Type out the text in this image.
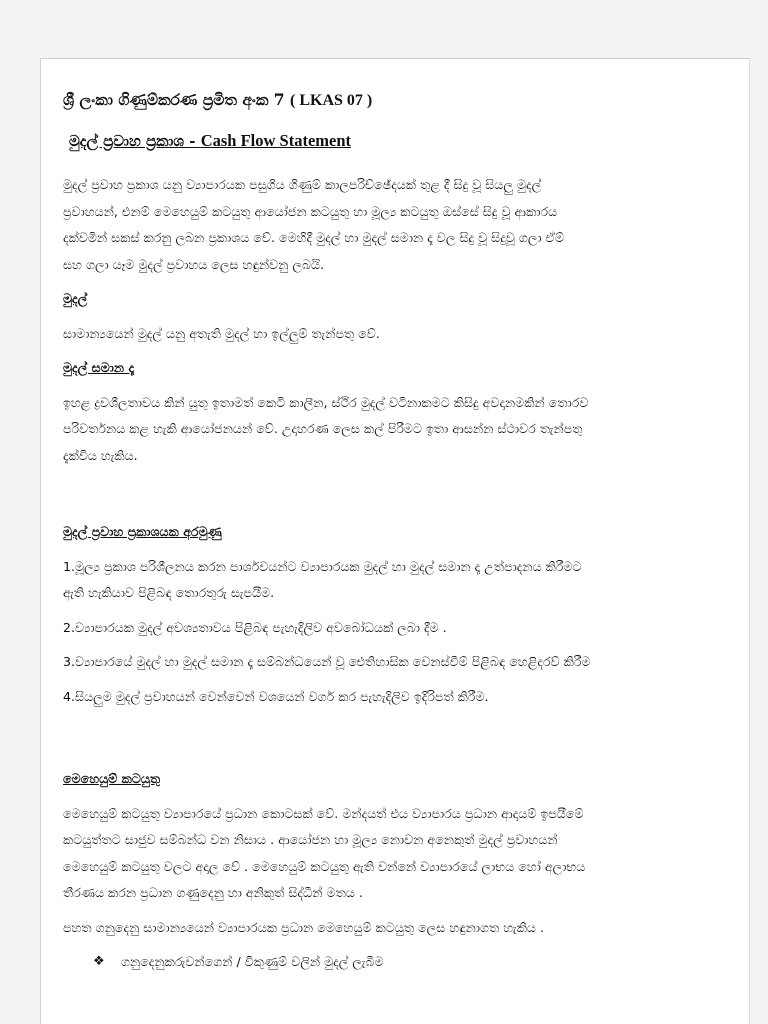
ශ්‍රී ලංකා ගිණුම්කරණ ප්‍රමිත අංක 7 ( LKAS 07 )
මුදල් ප්‍රවාහ ප්‍රකාශ - Cash Flow Statement
මුදල් ප්‍රවාහ ප්‍රකාශ යනු ව්‍යාපාරයක පසුගිය ගිණුම් කාලපරිච්ඡේදයක් තුළ දී සිදු වූ සියලු මුදල්
ප්‍රවාහයන්, එනම් මෙහෙයුම් කටයුතු ආයෝජන කටයුතු හා මූල්‍ය කටයුතු ඔස්සේ සිදු වූ ආකාරය
දක්වමින් සකස් කරනු ලබන ප්‍රකාශය වේ. මෙහිදී මුදල් හා මුදල් සමාන දෑ වල සිදු වූ සිදුවූ ගලා ඒම්
සහ ගලා යෑම මුදල් ප්‍රවාහය ලෙස හඳුන්වනු ලබයි.
මුදල්
සාමාන්‍යයෙන් මුදල් යනු අතැති මුදල් හා ඉල්ලුම් තැන්පතු වේ.
මුදල් සමාන දෑ
ඉහළ ද්‍රවශීලතාවය කින් යුතු ඉතාමත් කෙටි කාලීන, ස්ථිර මුදල් වටිනාකමට කිසිදු අවදානමකින් තොරව
පරිවර්තනය කළ හැකි ආයෝජනයන් වේ. උදාහරණ ලෙස කල් පිරීමට ඉතා ආසන්න ස්ථාවර තැන්පතු
දැක්විය හැකිය.
මුදල් ප්‍රවාහ ප්‍රකාශයක අරමුණු
1.මූල්‍ය ප්‍රකාශ පරිශීලනය කරන පාර්ශවයන්ට ව්‍යාපාරයක මුදල් හා මුදල් සමාන දෑ උත්පාදනය කිරීමට
ඇති හැකියාව පිළිබඳ තොරතුරු සැපයීම.
2.ව්‍යාපාරයක මුදල් අවශ්‍යතාවය පිළිබඳ පැහැදිලිව අවබෝධයක් ලබා දීම .
3.ව්‍යාපාරයේ මුදල් හා මුදල් සමාන දෑ සම්බන්ධයෙන් වූ ඓතිහාසික වෙනස්වීම් පිළිබඳ හෙළිදරව් කිරීම
4.සියලුම මුදල් ප්‍රවාහයන් වෙන්වෙන් වශයෙන් වර්ග කර පැහැදිලිව ඉදිරිපත් කිරීම.
මෙහෙයුම් කටයුතු
මෙහෙයුම් කටයුතු ව්‍යාපාරයේ ප්‍රධාන කොටසක් වේ. මන්දයත් එය ව්‍යාපාරය ප්‍රධාන ආදායම් ඉපයීමේ
කටයුත්තට සාජුව සම්බන්ධ වන නිසාය . ආයෝජන හා මූල්‍ය නොවන අනෙකුත් මුදල් ප්‍රවාහයන්
මෙහෙයුම් කටයුතු වලට අදාල වේ . මෙහෙයුම් කටයුතු ඇති වන්නේ ව්‍යාපාරයේ ලාභය හෝ අලාභය
තීරණය කරන ප්‍රධාන ගණුදෙනු හා අනිකුත් සිද්ධීන් මතය .
පහත ගනුදෙනු සාමාන්‍යයෙන් ව්‍යාපාරයක ප්‍රධාන මෙහෙයුම් කටයුතු ලෙස හඳුනාගත හැකිය .
❖	ගනුදෙනුකරුවන්ගෙන් / විකුණුම් වලින් මුදල් ලැබීම
